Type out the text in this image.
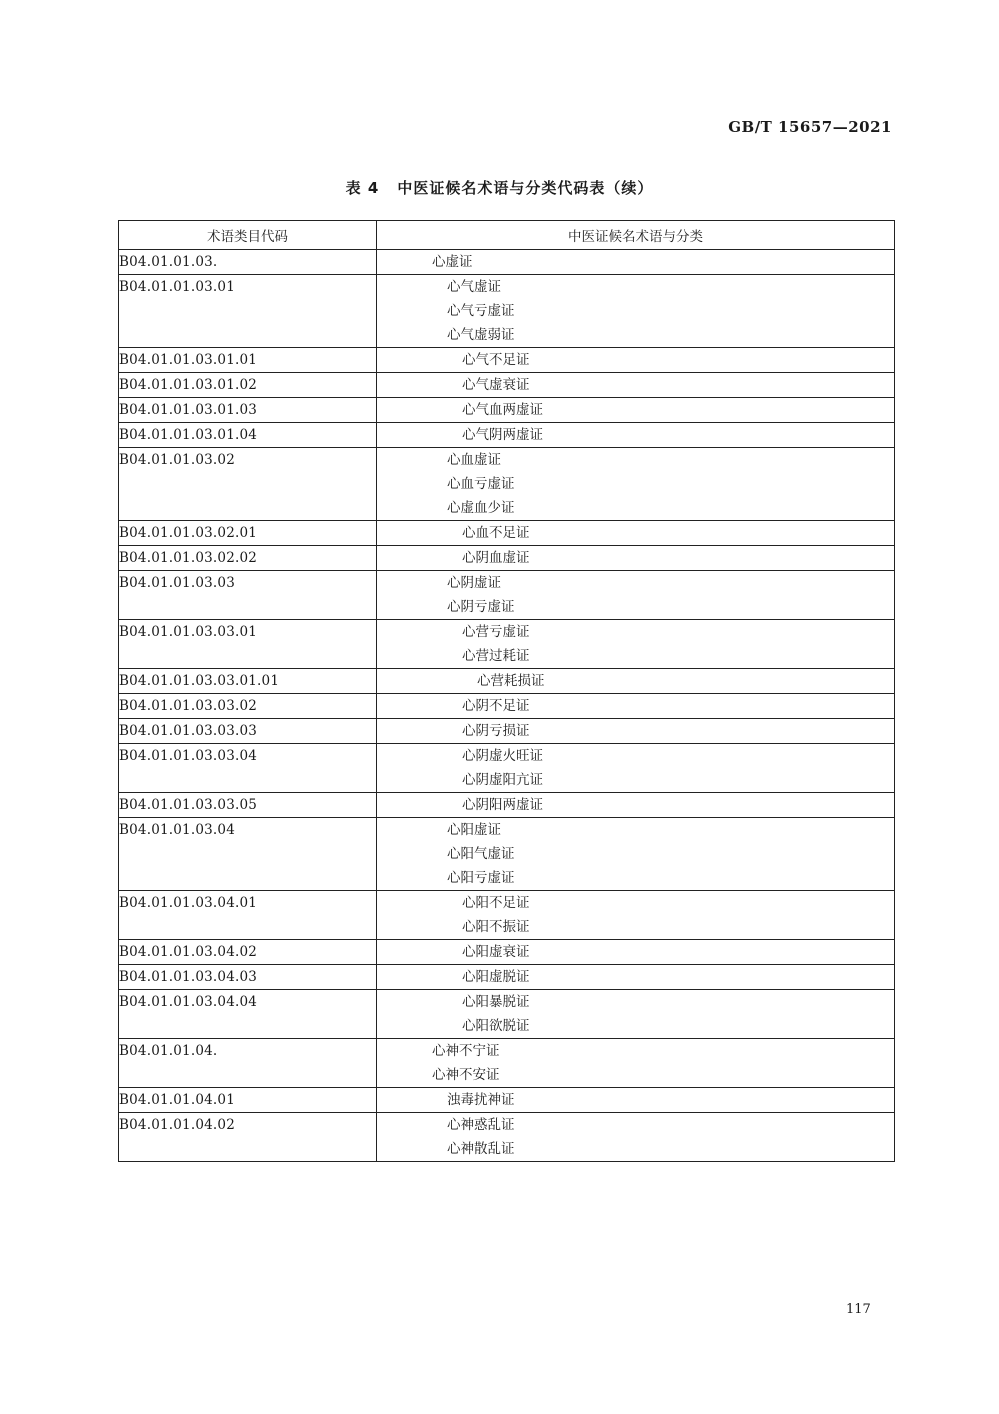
GB/T 15657—2021
表 4 中医证候名术语与分类代码表（续）
术语类目代码	中医证候名术语与分类
B04.01.01.03.	心虚证

B04.01.01.03.01	心气虚证
心气亏虚证
心气虚弱证

B04.01.01.03.01.01	心气不足证

B04.01.01.03.01.02	心气虚衰证

B04.01.01.03.01.03	心气血两虚证

B04.01.01.03.01.04	心气阴两虚证

B04.01.01.03.02	心血虚证
心血亏虚证
心虚血少证

B04.01.01.03.02.01	心血不足证

B04.01.01.03.02.02	心阴血虚证

B04.01.01.03.03	心阴虚证
心阴亏虚证

B04.01.01.03.03.01	心营亏虚证
心营过耗证

B04.01.01.03.03.01.01	心营耗损证

B04.01.01.03.03.02	心阴不足证

B04.01.01.03.03.03	心阴亏损证

B04.01.01.03.03.04	心阴虚火旺证
心阴虚阳亢证

B04.01.01.03.03.05	心阴阳两虚证

B04.01.01.03.04	心阳虚证
心阳气虚证
心阳亏虚证

B04.01.01.03.04.01	心阳不足证
心阳不振证

B04.01.01.03.04.02	心阳虚衰证

B04.01.01.03.04.03	心阳虚脱证

B04.01.01.03.04.04	心阳暴脱证
心阳欲脱证

B04.01.01.04.	心神不宁证
心神不安证

B04.01.01.04.01	浊毒扰神证

B04.01.01.04.02	心神惑乱证
心神散乱证
117
